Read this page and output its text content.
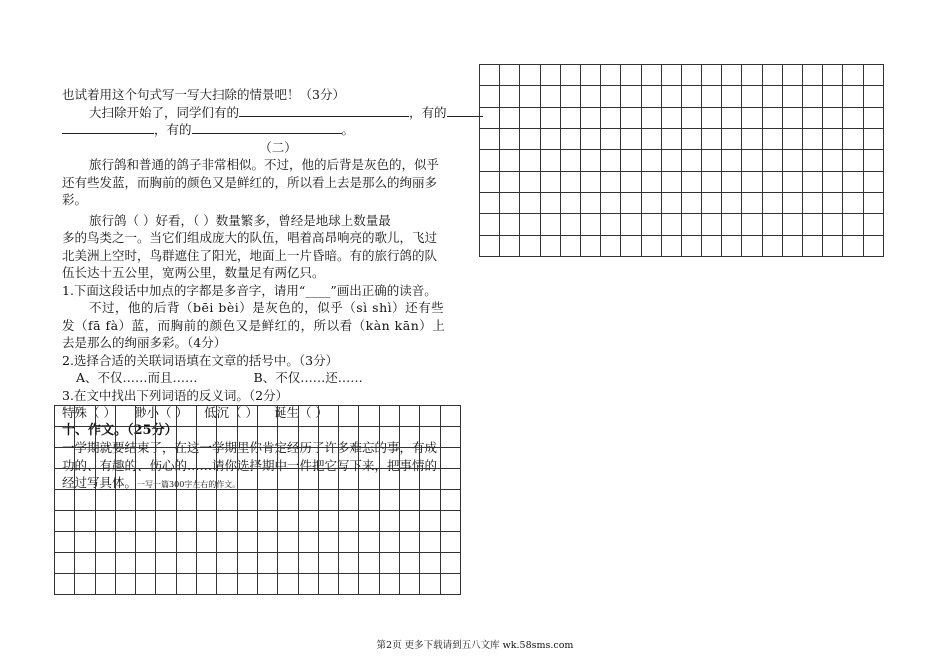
也试着用这个句式写一写大扫除的情景吧！（3分）
大扫除开始了，同学们有的	，有的
，有的	。
（二）
旅行鸽和普通的鸽子非常相似。不过，他的后背是灰色的，似乎
还有些发蓝，而胸前的颜色又是鲜红的，所以看上去是那么的绚丽多
彩。
旅行鸽（ ）好看，（ ）数量繁多，曾经是地球上数量最
多的鸟类之一。当它们组成庞大的队伍，唱着高昂响亮的歌儿，飞过
北美洲上空时，鸟群遮住了阳光，地面上一片昏暗。有的旅行鸽的队
伍长达十五公里，宽两公里，数量足有两亿只。
1.下面这段话中加点的字都是多音字，请用“____”画出正确的读音。
不过，他的后背（bēi bèi）是灰色的，似乎（sì shì）还有些
发（fā fà）蓝，而胸前的颜色又是鲜红的，所以看（kàn kān）上
去是那么的绚丽多彩。（4分）
2.选择合适的关联词语填在文章的括号中。（3分）
A、不仅……而且……	B、不仅……还……
3.在文中找出下列词语的反义词。（2分）
特殊（ ） 渺小（ ） 低沉（ ） 诞生（ ）
十、作文。（25分）
一学期就要结束了，在这一学期里你肯定经历了许多难忘的事，有成
功的、有趣的、伤心的……请你选择期中一件把它写下来，把事情的
经过写具体。一写一篇300字左右的作文。

第2页 更多下载请到五八文库 wk.58sms.com
